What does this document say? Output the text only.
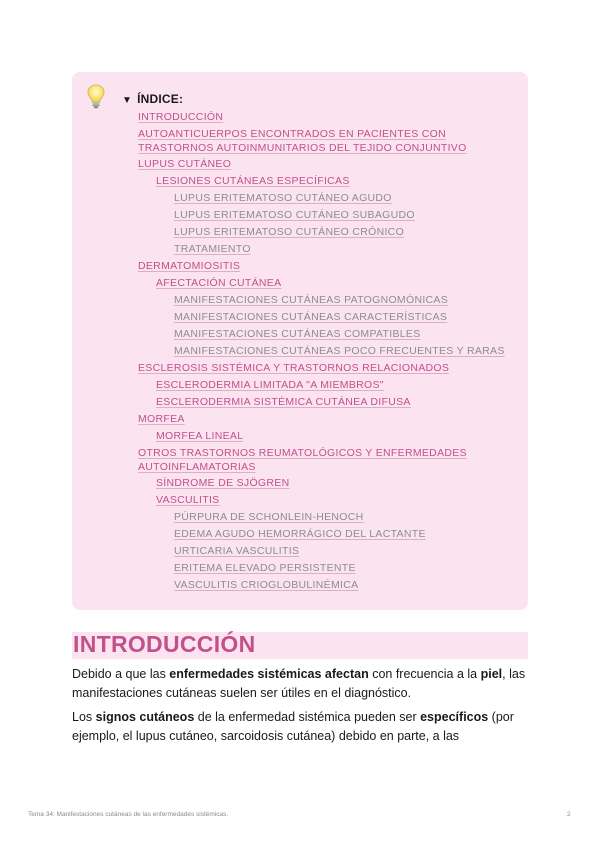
▼ ÍNDICE:
INTRODUCCIÓN
AUTOANTICUERPOS ENCONTRADOS EN PACIENTES CON TRASTORNOS AUTOINMUNITARIOS DEL TEJIDO CONJUNTIVO
LUPUS CUTÁNEO
LESIONES CUTÁNEAS ESPECÍFICAS
LUPUS ERITEMATOSO CUTÁNEO AGUDO
LUPUS ERITEMATOSO CUTÁNEO SUBAGUDO
LUPUS ERITEMATOSO CUTÁNEO CRÓNICO
TRATAMIENTO
DERMATOMIOSITIS
AFECTACIÓN CUTÁNEA
MANIFESTACIONES CUTÁNEAS PATOGNOMÓNICAS
MANIFESTACIONES CUTÁNEAS CARACTERÍSTICAS
MANIFESTACIONES CUTÁNEAS COMPATIBLES
MANIFESTACIONES CUTÁNEAS POCO FRECUENTES Y RARAS
ESCLEROSIS SISTÉMICA Y TRASTORNOS RELACIONADOS
ESCLERODERMIA LIMITADA "A MIEMBROS"
ESCLERODERMIA SISTÉMICA CUTÁNEA DIFUSA
MORFEA
MORFEA LINEAL
OTROS TRASTORNOS REUMATOLÓGICOS Y ENFERMEDADES AUTOINFLAMATORIAS
SÍNDROME DE SJÖGREN
VASCULITIS
PÚRPURA DE SCHONLEIN-HENOCH
EDEMA AGUDO HEMORRÁGICO DEL LACTANTE
URTICARIA VASCULITIS
ERITEMA ELEVADO PERSISTENTE
VASCULITIS CRIOGLOBULINÉMICA
INTRODUCCIÓN
Debido a que las enfermedades sistémicas afectan con frecuencia a la piel, las manifestaciones cutáneas suelen ser útiles en el diagnóstico.
Los signos cutáneos de la enfermedad sistémica pueden ser específicos (por ejemplo, el lupus cutáneo, sarcoidosis cutánea) debido en parte, a las
Tema 34: Manifestaciones cutáneas de las enfermedades sistémicas.	2
